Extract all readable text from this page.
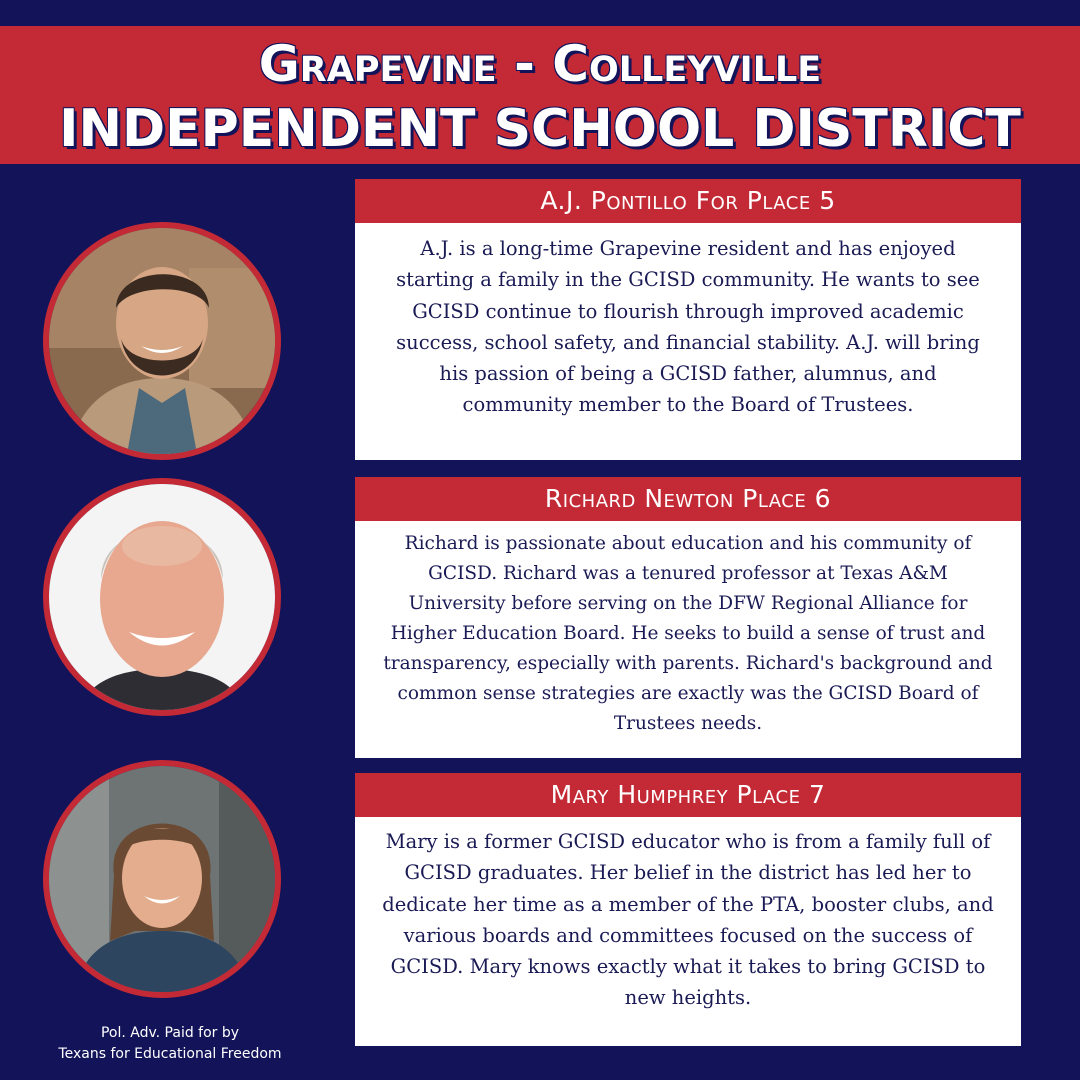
Grapevine - Colleyville
INDEPENDENT SCHOOL DISTRICT
A.J. Pontillo For Place 5
A.J. is a long-time Grapevine resident and has enjoyed starting a family in the GCISD community. He wants to see GCISD continue to flourish through improved academic success, school safety, and financial stability. A.J. will bring his passion of being a GCISD father, alumnus, and community member to the Board of Trustees.
Richard Newton Place 6
Richard is passionate about education and his community of GCISD. Richard was a tenured professor at Texas A&M University before serving on the DFW Regional Alliance for Higher Education Board. He seeks to build a sense of trust and transparency, especially with parents. Richard's background and common sense strategies are exactly was the GCISD Board of Trustees needs.
Mary Humphrey Place 7
Mary is a former GCISD educator who is from a family full of GCISD graduates. Her belief in the district has led her to dedicate her time as a member of the PTA, booster clubs, and various boards and committees focused on the success of GCISD. Mary knows exactly what it takes to bring GCISD to new heights.
Pol. Adv. Paid for by
Texans for Educational Freedom
